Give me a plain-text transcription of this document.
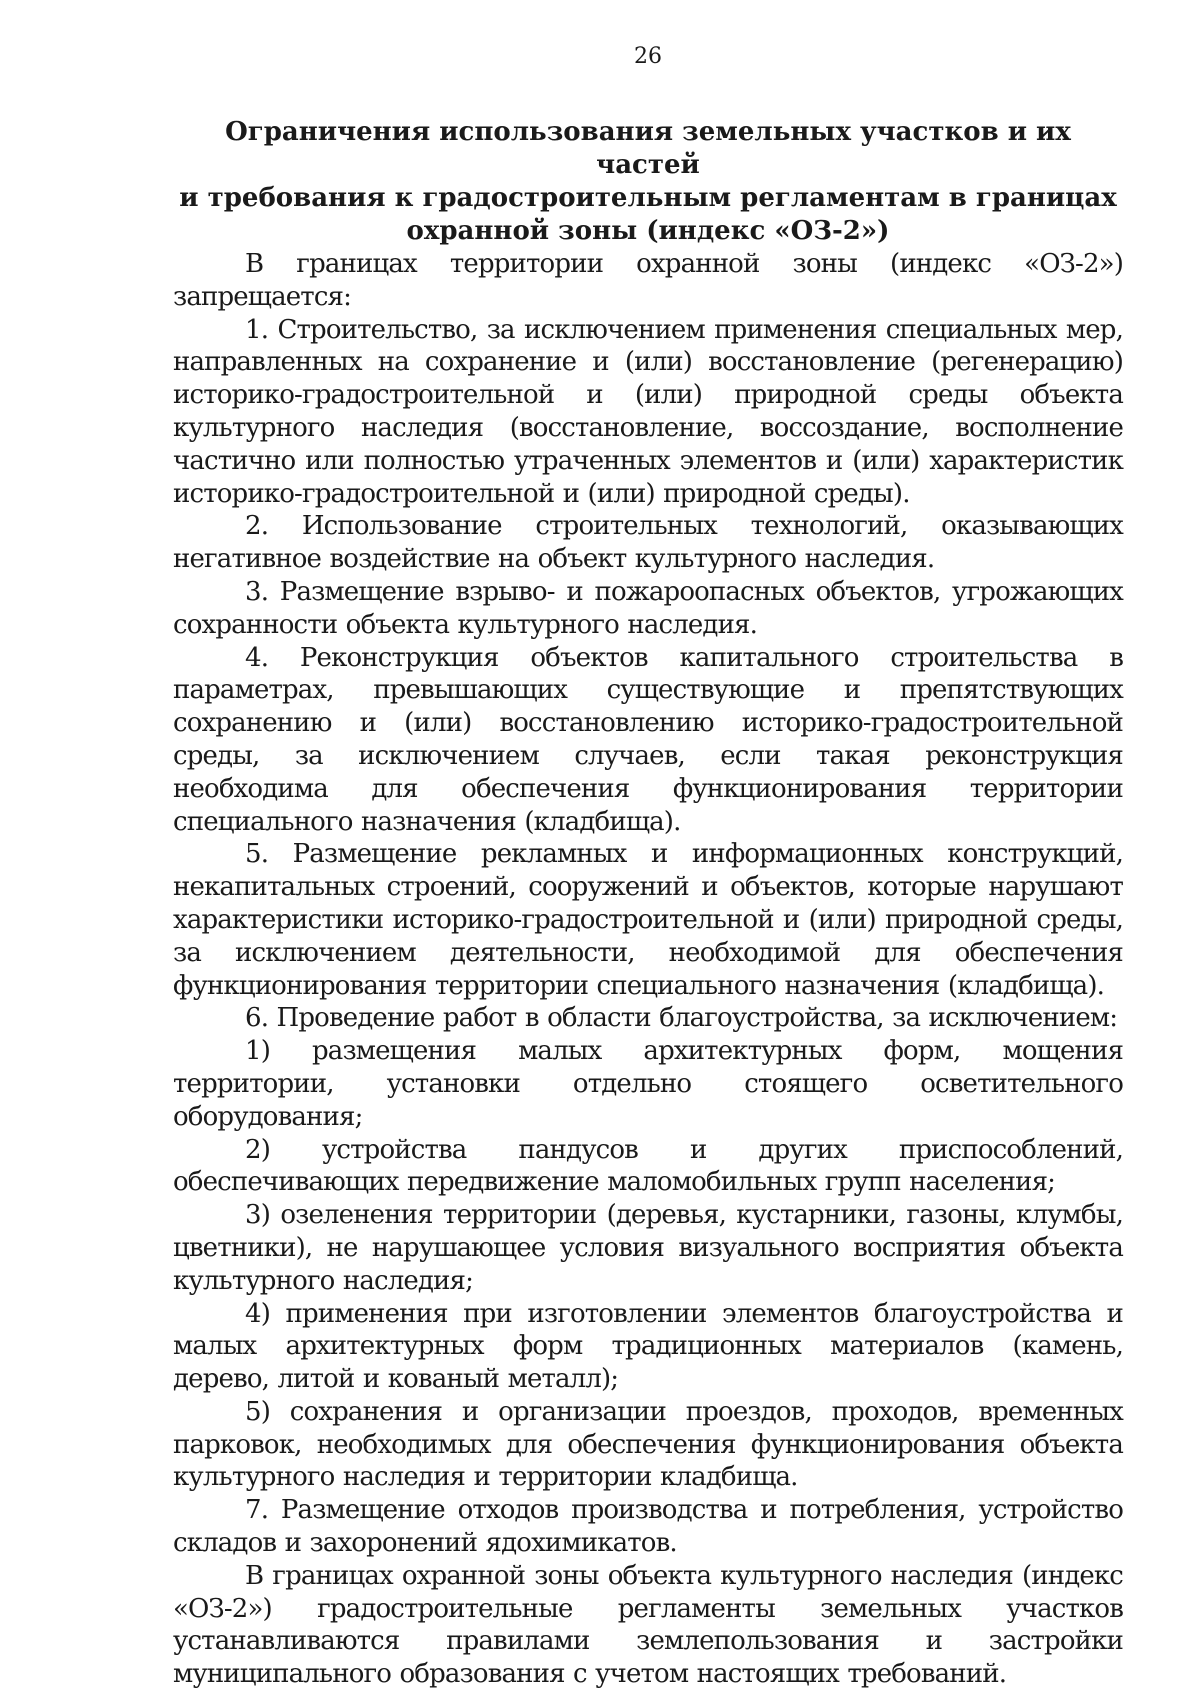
26
Ограничения использования земельных участков и их частей
и требования к градостроительным регламентам в границах
охранной зоны (индекс «ОЗ-2»)

В границах территории охранной зоны (индекс «ОЗ-2») запрещается:

1. Строительство, за исключением применения специальных мер, направленных на сохранение и (или) восстановление (регенерацию) историко-градостроительной и (или) природной среды объекта культурного наследия (восстановление, воссоздание, восполнение частично или полностью утраченных элементов и (или) характеристик историко-градостроительной и (или) природной среды).

2. Использование строительных технологий, оказывающих негативное воздействие на объект культурного наследия.

3. Размещение взрыво- и пожароопасных объектов, угрожающих сохранности объекта культурного наследия.

4. Реконструкция объектов капитального строительства в параметрах, превышающих существующие и препятствующих сохранению и (или) восстановлению историко-градостроительной среды, за исключением случаев, если такая реконструкция необходима для обеспечения функционирования территории специального назначения (кладбища).

5. Размещение рекламных и информационных конструкций, некапитальных строений, сооружений и объектов, которые нарушают характеристики историко-градостроительной и (или) природной среды, за исключением деятельности, необходимой для обеспечения функционирования территории специального назначения (кладбища).

6. Проведение работ в области благоустройства, за исключением:

1) размещения малых архитектурных форм, мощения территории, установки отдельно стоящего осветительного оборудования;

2) устройства пандусов и других приспособлений, обеспечивающих передвижение маломобильных групп населения;

3) озеленения территории (деревья, кустарники, газоны, клумбы, цветники), не нарушающее условия визуального восприятия объекта культурного наследия;

4) применения при изготовлении элементов благоустройства и малых архитектурных форм традиционных материалов (камень, дерево, литой и кованый металл);

5) сохранения и организации проездов, проходов, временных парковок, необходимых для обеспечения функционирования объекта культурного наследия и территории кладбища.

7. Размещение отходов производства и потребления, устройство складов и захоронений ядохимикатов.

В границах охранной зоны объекта культурного наследия (индекс «ОЗ-2») градостроительные регламенты земельных участков устанавливаются правилами землепользования и застройки муниципального образования с учетом настоящих требований.
